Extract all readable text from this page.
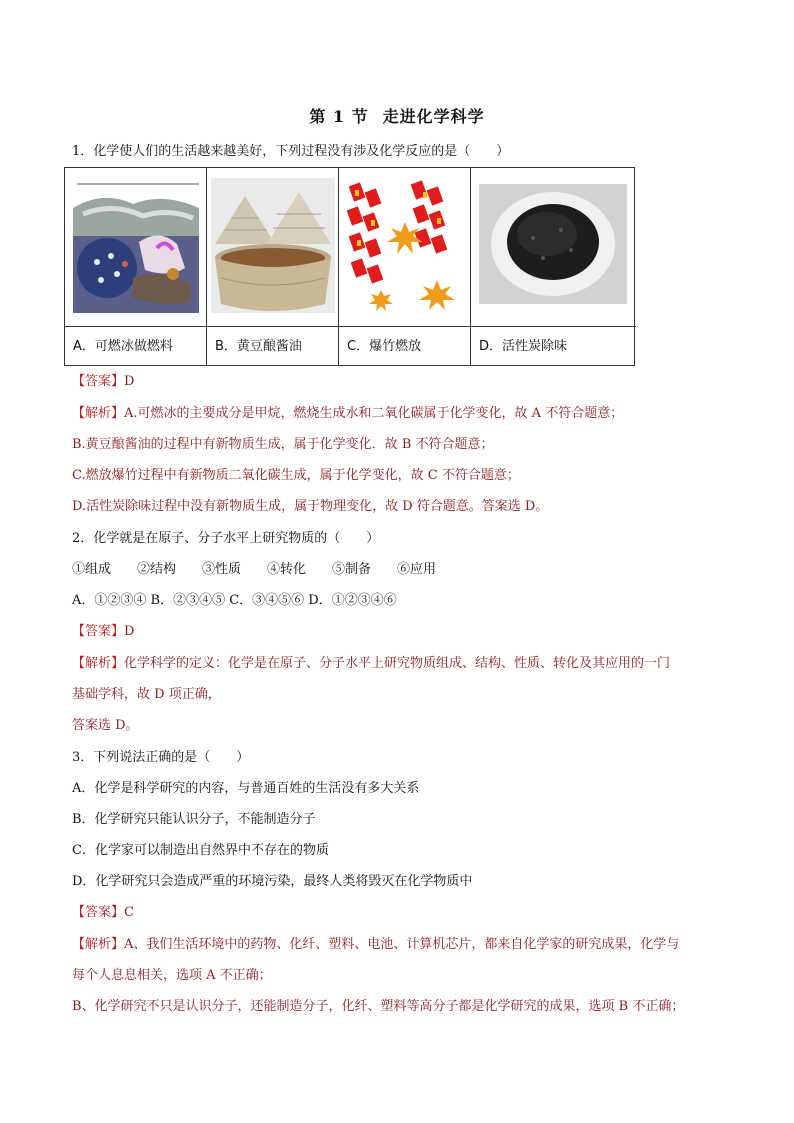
第 1 节 走进化学科学
1．化学使人们的生活越来越美好，下列过程没有涉及化学反应的是（　　）
A．可燃冰做燃料	B．黄豆酿酱油	C．爆竹燃放	D．活性炭除味
【答案】D
【解析】A.可燃冰的主要成分是甲烷，燃烧生成水和二氧化碳属于化学变化，故 A 不符合题意；
B.黄豆酿酱油的过程中有新物质生成，属于化学变化．故 B 不符合题意；
C.燃放爆竹过程中有新物质二氧化碳生成，属于化学变化，故 C 不符合题意；
D.活性炭除味过程中没有新物质生成，属于物理变化，故 D 符合题意。答案选 D。
2．化学就是在原子、分子水平上研究物质的（　　）
①组成　　②结构　　③性质　　④转化　　⑤制备　　⑥应用
A．①②③④ B．②③④⑤ C．③④⑤⑥ D．①②③④⑥
【答案】D
【解析】化学科学的定义：化学是在原子、分子水平上研究物质组成、结构、性质、转化及其应用的一门
基础学科，故 D 项正确，
答案选 D。
3．下列说法正确的是（　　）
A．化学是科学研究的内容，与普通百姓的生活没有多大关系
B．化学研究只能认识分子，不能制造分子
C．化学家可以制造出自然界中不存在的物质
D．化学研究只会造成严重的环境污染，最终人类将毁灭在化学物质中
【答案】C
【解析】A、我们生活环境中的药物、化纤、塑料、电池、计算机芯片，都来自化学家的研究成果，化学与
每个人息息相关，选项 A 不正确；
B、化学研究不只是认识分子，还能制造分子，化纤、塑料等高分子都是化学研究的成果，选项 B 不正确；
